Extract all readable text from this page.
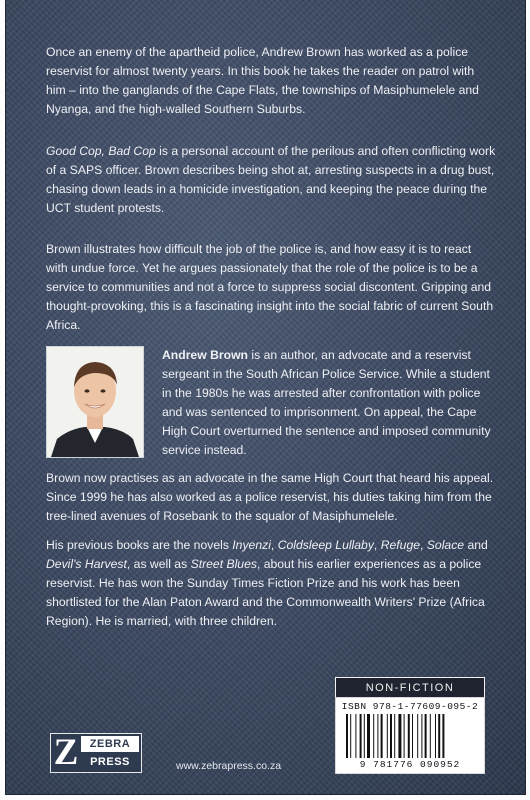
Once an enemy of the apartheid police, Andrew Brown has worked as a police reservist for almost twenty years. In this book he takes the reader on patrol with him – into the ganglands of the Cape Flats, the townships of Masiphumelele and Nyanga, and the high-walled Southern Suburbs.

Good Cop, Bad Cop is a personal account of the perilous and often conflicting work of a SAPS officer. Brown describes being shot at, arresting suspects in a drug bust, chasing down leads in a homicide investigation, and keeping the peace during the UCT student protests.

Brown illustrates how difficult the job of the police is, and how easy it is to react with undue force. Yet he argues passionately that the role of the police is to be a service to communities and not a force to suppress social discontent. Gripping and thought-provoking, this is a fascinating insight into the social fabric of current South Africa.

Andrew Brown is an author, an advocate and a reservist sergeant in the South African Police Service. While a student in the 1980s he was arrested after confrontation with police and was sentenced to imprisonment. On appeal, the Cape High Court overturned the sentence and imposed community service instead.

Brown now practises as an advocate in the same High Court that heard his appeal. Since 1999 he has also worked as a police reservist, his duties taking him from the tree-lined avenues of Rosebank to the squalor of Masiphumelele.

His previous books are the novels Inyenzi, Coldsleep Lullaby, Refuge, Solace and Devil's Harvest, as well as Street Blues, about his earlier experiences as a police reservist. He has won the Sunday Times Fiction Prize and his work has been shortlisted for the Alan Paton Award and the Commonwealth Writers' Prize (Africa Region). He is married, with three children.

NON-FICTION
ISBN 978-1-77609-095-2
9 781776 090952
Z	ZEBRA
PRESS	www.zebrapress.co.za
